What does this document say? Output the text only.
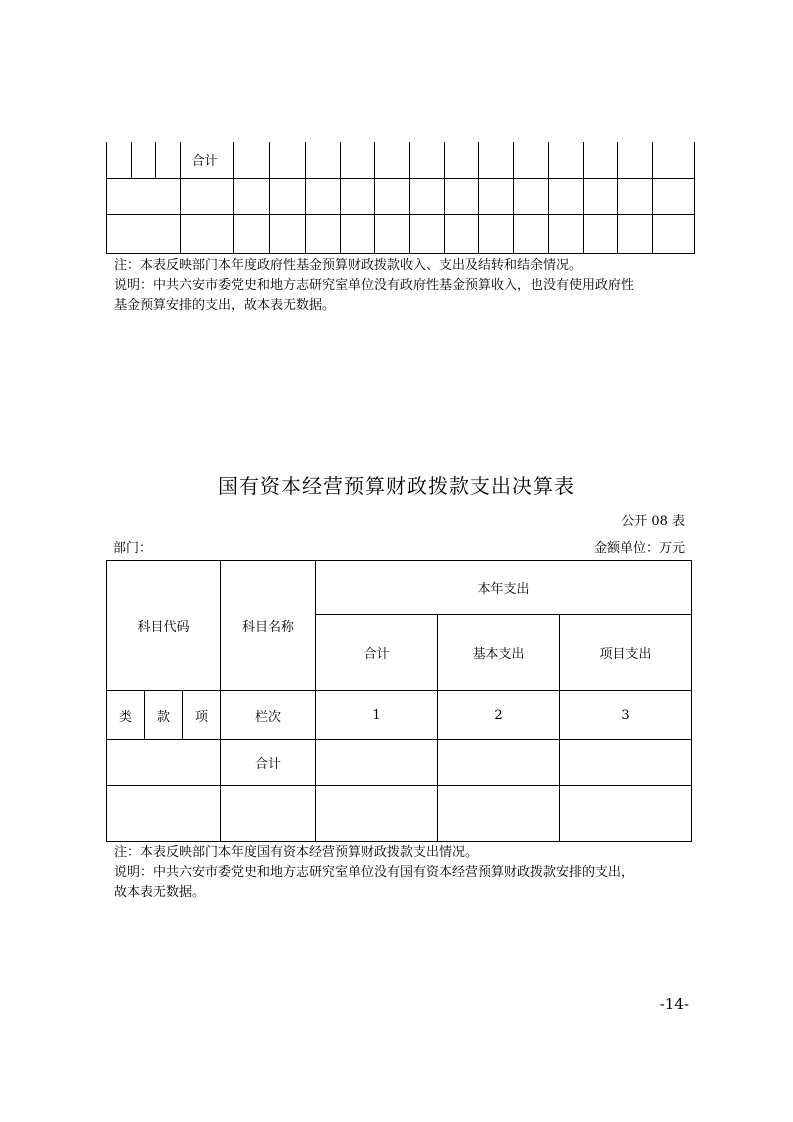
			合计													

注：本表反映部门本年度政府性基金预算财政拨款收入、支出及结转和结余情况。
说明：中共六安市委党史和地方志研究室单位没有政府性基金预算收入，也没有使用政府性
基金预算安排的支出，故本表无数据。
国有资本经营预算财政拨款支出决算表
公开 08 表
部门：	金额单位：万元
科目代码			科目名称	本年支出		
				合计	基本支出	项目支出
类	款	项	栏次	1	2	3
			合计			

注：本表反映部门本年度国有资本经营预算财政拨款支出情况。
说明：中共六安市委党史和地方志研究室单位没有国有资本经营预算财政拨款安排的支出，
故本表无数据。
-14-
